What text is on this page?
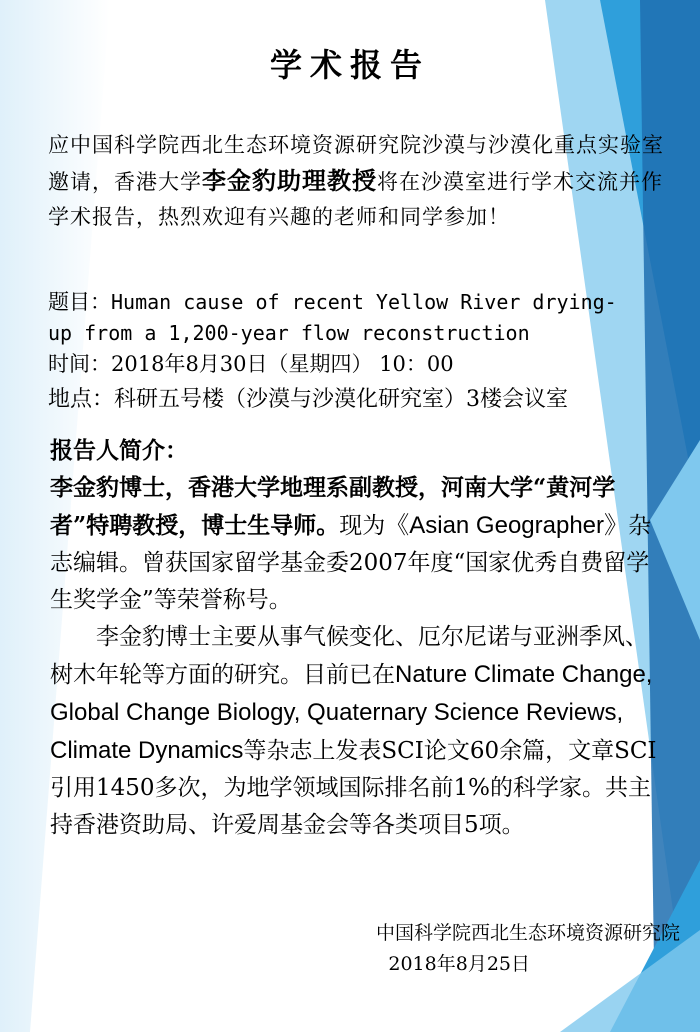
学术报告
应中国科学院西北生态环境资源研究院沙漠与沙漠化重点实验室邀请，香港大学李金豹助理教授将在沙漠室进行学术交流并作学术报告，热烈欢迎有兴趣的老师和同学参加！
题目：Human cause of recent Yellow River drying-
up from a 1,200-year flow reconstruction
时间：2018年8月30日（星期四） 10：00
地点：科研五号楼（沙漠与沙漠化研究室）3楼会议室
报告人简介：
李金豹博士，香港大学地理系副教授，河南大学“黄河学者”特聘教授，博士生导师。现为《Asian Geographer》杂志编辑。曾获国家留学基金委2007年度“国家优秀自费留学生奖学金”等荣誉称号。
李金豹博士主要从事气候变化、厄尔尼诺与亚洲季风、树木年轮等方面的研究。目前已在Nature Climate Change, Global Change Biology, Quaternary Science Reviews, Climate Dynamics等杂志上发表SCI论文60余篇，文章SCI引用1450多次，为地学领域国际排名前1%的科学家。共主持香港资助局、许爱周基金会等各类项目5项。
中国科学院西北生态环境资源研究院
2018年8月25日
